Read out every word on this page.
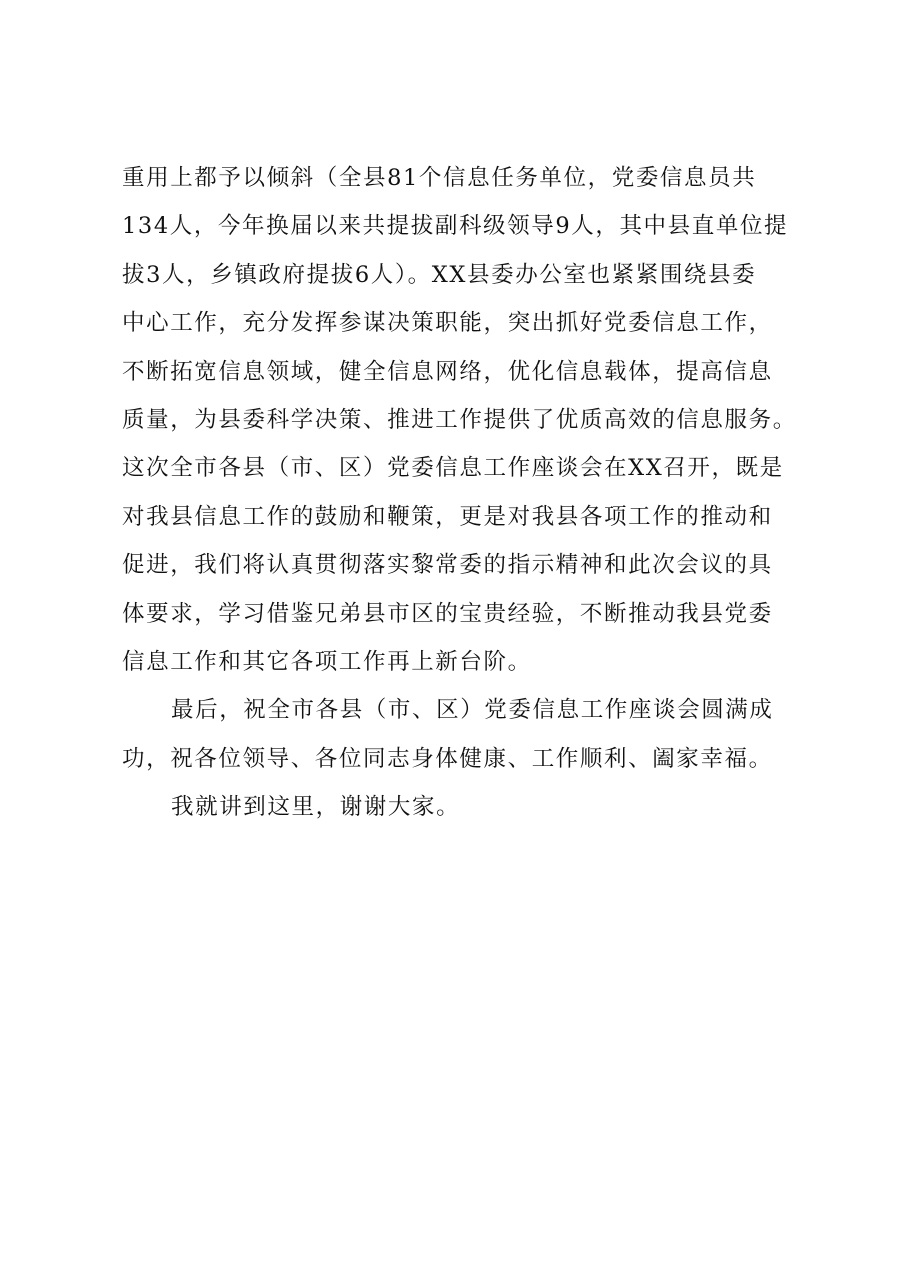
重用上都予以倾斜（全县81个信息任务单位，党委信息员共
134人，今年换届以来共提拔副科级领导9人，其中县直单位提
拔3人，乡镇政府提拔6人）。XX县委办公室也紧紧围绕县委
中心工作，充分发挥参谋决策职能，突出抓好党委信息工作，
不断拓宽信息领域，健全信息网络，优化信息载体，提高信息
质量，为县委科学决策、推进工作提供了优质高效的信息服务。
这次全市各县（市、区）党委信息工作座谈会在XX召开，既是
对我县信息工作的鼓励和鞭策，更是对我县各项工作的推动和
促进，我们将认真贯彻落实黎常委的指示精神和此次会议的具
体要求，学习借鉴兄弟县市区的宝贵经验，不断推动我县党委
信息工作和其它各项工作再上新台阶。
最后，祝全市各县（市、区）党委信息工作座谈会圆满成
功，祝各位领导、各位同志身体健康、工作顺利、阖家幸福。
我就讲到这里，谢谢大家。
